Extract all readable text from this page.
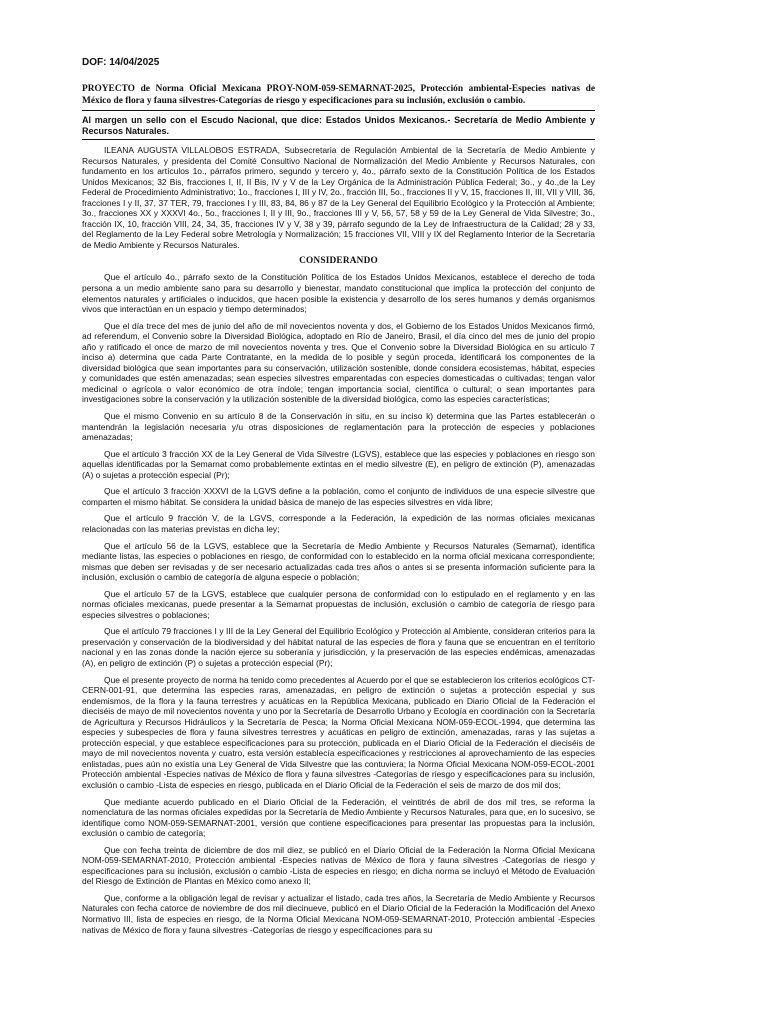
DOF: 14/04/2025
PROYECTO de Norma Oficial Mexicana PROY-NOM-059-SEMARNAT-2025, Protección ambiental-Especies nativas de México de flora y fauna silvestres-Categorías de riesgo y especificaciones para su inclusión, exclusión o cambio.
Al margen un sello con el Escudo Nacional, que dice: Estados Unidos Mexicanos.- Secretaría de Medio Ambiente y Recursos Naturales.

ILEANA AUGUSTA VILLALOBOS ESTRADA, Subsecretaria de Regulación Ambiental de la Secretaría de Medio Ambiente y Recursos Naturales, y presidenta del Comité Consultivo Nacional de Normalización del Medio Ambiente y Recursos Naturales, con fundamento en los artículos 1o., párrafos primero, segundo y tercero y, 4o., párrafo sexto de la Constitución Política de los Estados Unidos Mexicanos; 32 Bis, fracciones I, II, II Bis, IV y V de la Ley Orgánica de la Administración Pública Federal; 3o., y 4o.,de la Ley Federal de Procedimiento Administrativo; 1o., fracciones I, III y IV, 2o., fracción III, 5o., fracciones II y V, 15, fracciones II, III, VII y VIII, 36, fracciones I y II, 37, 37 TER, 79, fracciones I y III, 83, 84, 86 y 87 de la Ley General del Equilibrio Ecológico y la Protección al Ambiente; 3o., fracciones XX y XXXVI 4o., 5o., fracciones I, II y III, 9o., fracciones III y V, 56, 57, 58 y 59 de la Ley General de Vida Silvestre; 3o., fracción IX, 10, fracción VIII, 24, 34, 35, fracciones IV y V, 38 y 39, párrafo segundo de la Ley de Infraestructura de la Calidad; 28 y 33, del Reglamento de la Ley Federal sobre Metrología y Normalización; 15 fracciones VII, VIII y IX del Reglamento Interior de la Secretaría de Medio Ambiente y Recursos Naturales.

CONSIDERANDO

Que el artículo 4o., párrafo sexto de la Constitución Política de los Estados Unidos Mexicanos, establece el derecho de toda persona a un medio ambiente sano para su desarrollo y bienestar, mandato constitucional que implica la protección del conjunto de elementos naturales y artificiales o inducidos, que hacen posible la existencia y desarrollo de los seres humanos y demás organismos vivos que interactúan en un espacio y tiempo determinados;

Que el día trece del mes de junio del año de mil novecientos noventa y dos, el Gobierno de los Estados Unidos Mexicanos firmó, ad referendum, el Convenio sobre la Diversidad Biológica, adoptado en Río de Janeiro, Brasil, el día cinco del mes de junio del propio año y ratificado el once de marzo de mil novecientos noventa y tres. Que el Convenio sobre la Diversidad Biológica en su artículo 7 inciso a) determina que cada Parte Contratante, en la medida de lo posible y según proceda, identificará los componentes de la diversidad biológica que sean importantes para su conservación, utilización sostenible, donde considera ecosistemas, hábitat, especies y comunidades que estén amenazadas; sean especies silvestres emparentadas con especies domesticadas o cultivadas; tengan valor medicinal o agrícola o valor económico de otra índole; tengan importancia social, científica o cultural; o sean importantes para investigaciones sobre la conservación y la utilización sostenible de la diversidad biológica, como las especies características;

Que el mismo Convenio en su artículo 8 de la Conservación in situ, en su inciso k) determina que las Partes establecerán o mantendrán la legislación necesaria y/u otras disposiciones de reglamentación para la protección de especies y poblaciones amenazadas;

Que el artículo 3 fracción XX de la Ley General de Vida Silvestre (LGVS), establece que las especies y poblaciones en riesgo son aquellas identificadas por la Semarnat como probablemente extintas en el medio silvestre (E), en peligro de extinción (P), amenazadas (A) o sujetas a protección especial (Pr);

Que el artículo 3 fracción XXXVI de la LGVS define a la población, como el conjunto de individuos de una especie silvestre que comparten el mismo hábitat. Se considera la unidad básica de manejo de las especies silvestres en vida libre;

Que el artículo 9 fracción V, de la LGVS, corresponde a la Federación, la expedición de las normas oficiales mexicanas relacionadas con las materias previstas en dicha ley;

Que el artículo 56 de la LGVS, establece que la Secretaría de Medio Ambiente y Recursos Naturales (Semarnat), identifica mediante listas, las especies o poblaciones en riesgo, de conformidad con lo establecido en la norma oficial mexicana correspondiente; mismas que deben ser revisadas y de ser necesario actualizadas cada tres años o antes si se presenta información suficiente para la inclusión, exclusión o cambio de categoría de alguna especie o población;

Que el artículo 57 de la LGVS, establece que cualquier persona de conformidad con lo estipulado en el reglamento y en las normas oficiales mexicanas, puede presentar a la Semarnat propuestas de inclusión, exclusión o cambio de categoría de riesgo para especies silvestres o poblaciones;

Que el artículo 79 fracciones I y III de la Ley General del Equilibrio Ecológico y Protección al Ambiente, consideran criterios para la preservación y conservación de la biodiversidad y del hábitat natural de las especies de flora y fauna que se encuentran en el territorio nacional y en las zonas donde la nación ejerce su soberanía y jurisdicción, y la preservación de las especies endémicas, amenazadas (A), en peligro de extinción (P) o sujetas a protección especial (Pr);

Que el presente proyecto de norma ha tenido como precedentes al Acuerdo por el que se establecieron los criterios ecológicos CT-CERN-001-91, que determina las especies raras, amenazadas, en peligro de extinción o sujetas a protección especial y sus endemismos, de la flora y la fauna terrestres y acuáticas en la República Mexicana, publicado en Diario Oficial de la Federación el dieciséis de mayo de mil novecientos noventa y uno por la Secretaría de Desarrollo Urbano y Ecología en coordinación con la Secretaría de Agricultura y Recursos Hidráulicos y la Secretaría de Pesca; la Norma Oficial Mexicana NOM-059-ECOL-1994, que determina las especies y subespecies de flora y fauna silvestres terrestres y acuáticas en peligro de extinción, amenazadas, raras y las sujetas a protección especial, y que establece especificaciones para su protección, publicada en el Diario Oficial de la Federación el dieciséis de mayo de mil novecientos noventa y cuatro, esta versión establecía especificaciones y restricciones al aprovechamiento de las especies enlistadas, pues aún no existía una Ley General de Vida Silvestre que las contuviera; la Norma Oficial Mexicana NOM-059-ECOL-2001 Protección ambiental -Especies nativas de México de flora y fauna silvestres -Categorías de riesgo y especificaciones para su inclusión, exclusión o cambio -Lista de especies en riesgo, publicada en el Diario Oficial de la Federación el seis de marzo de dos mil dos;

Que mediante acuerdo publicado en el Diario Oficial de la Federación, el veintitrés de abril de dos mil tres, se reforma la nomenclatura de las normas oficiales expedidas por la Secretaría de Medio Ambiente y Recursos Naturales, para que, en lo sucesivo, se identifique como NOM-059-SEMARNAT-2001, versión que contiene especificaciones para presentar las propuestas para la inclusión, exclusión o cambio de categoría;

Que con fecha treinta de diciembre de dos mil diez, se publicó en el Diario Oficial de la Federación la Norma Oficial Mexicana NOM-059-SEMARNAT-2010, Protección ambiental -Especies nativas de México de flora y fauna silvestres -Categorías de riesgo y especificaciones para su inclusión, exclusión o cambio -Lista de especies en riesgo; en dicha norma se incluyó el Método de Evaluación del Riesgo de Extinción de Plantas en México como anexo II;

Que, conforme a la obligación legal de revisar y actualizar el listado, cada tres años, la Secretaría de Medio Ambiente y Recursos Naturales con fecha catorce de noviembre de dos mil diecinueve, publicó en el Diario Oficial de la Federación la Modificación del Anexo Normativo III, lista de especies en riesgo, de la Norma Oficial Mexicana NOM-059-SEMARNAT-2010, Protección ambiental -Especies nativas de México de flora y fauna silvestres -Categorías de riesgo y especificaciones para su
